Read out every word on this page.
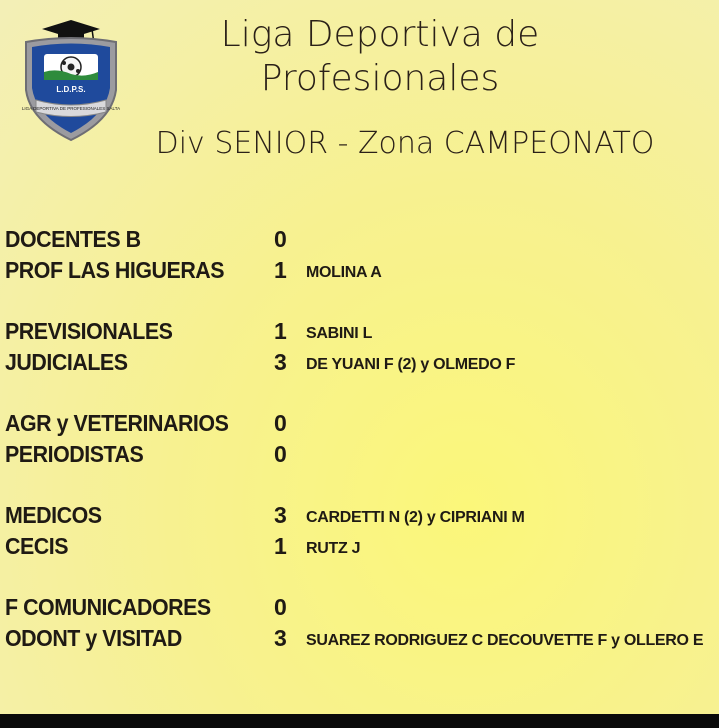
L.D.P.S.
LIGA DEPORTIVA DE PROFESIONALES SALTA
Liga Deportiva de
Profesionales
Div SENIOR - Zona CAMPEONATO
DOCENTES B	0
PROF LAS HIGUERAS 1 MOLINA A
PREVISIONALES	1 SABINI L
JUDICIALES	3 DE YUANI F (2) y OLMEDO F
AGR y VETERINARIOS 0
PERIODISTAS	0
MEDICOS	3 CARDETTI N (2) y CIPRIANI M
CECIS	1 RUTZ J
F COMUNICADORES	0
ODONT y VISITAD	3 SUAREZ RODRIGUEZ C DECOUVETTE F y OLLERO E
